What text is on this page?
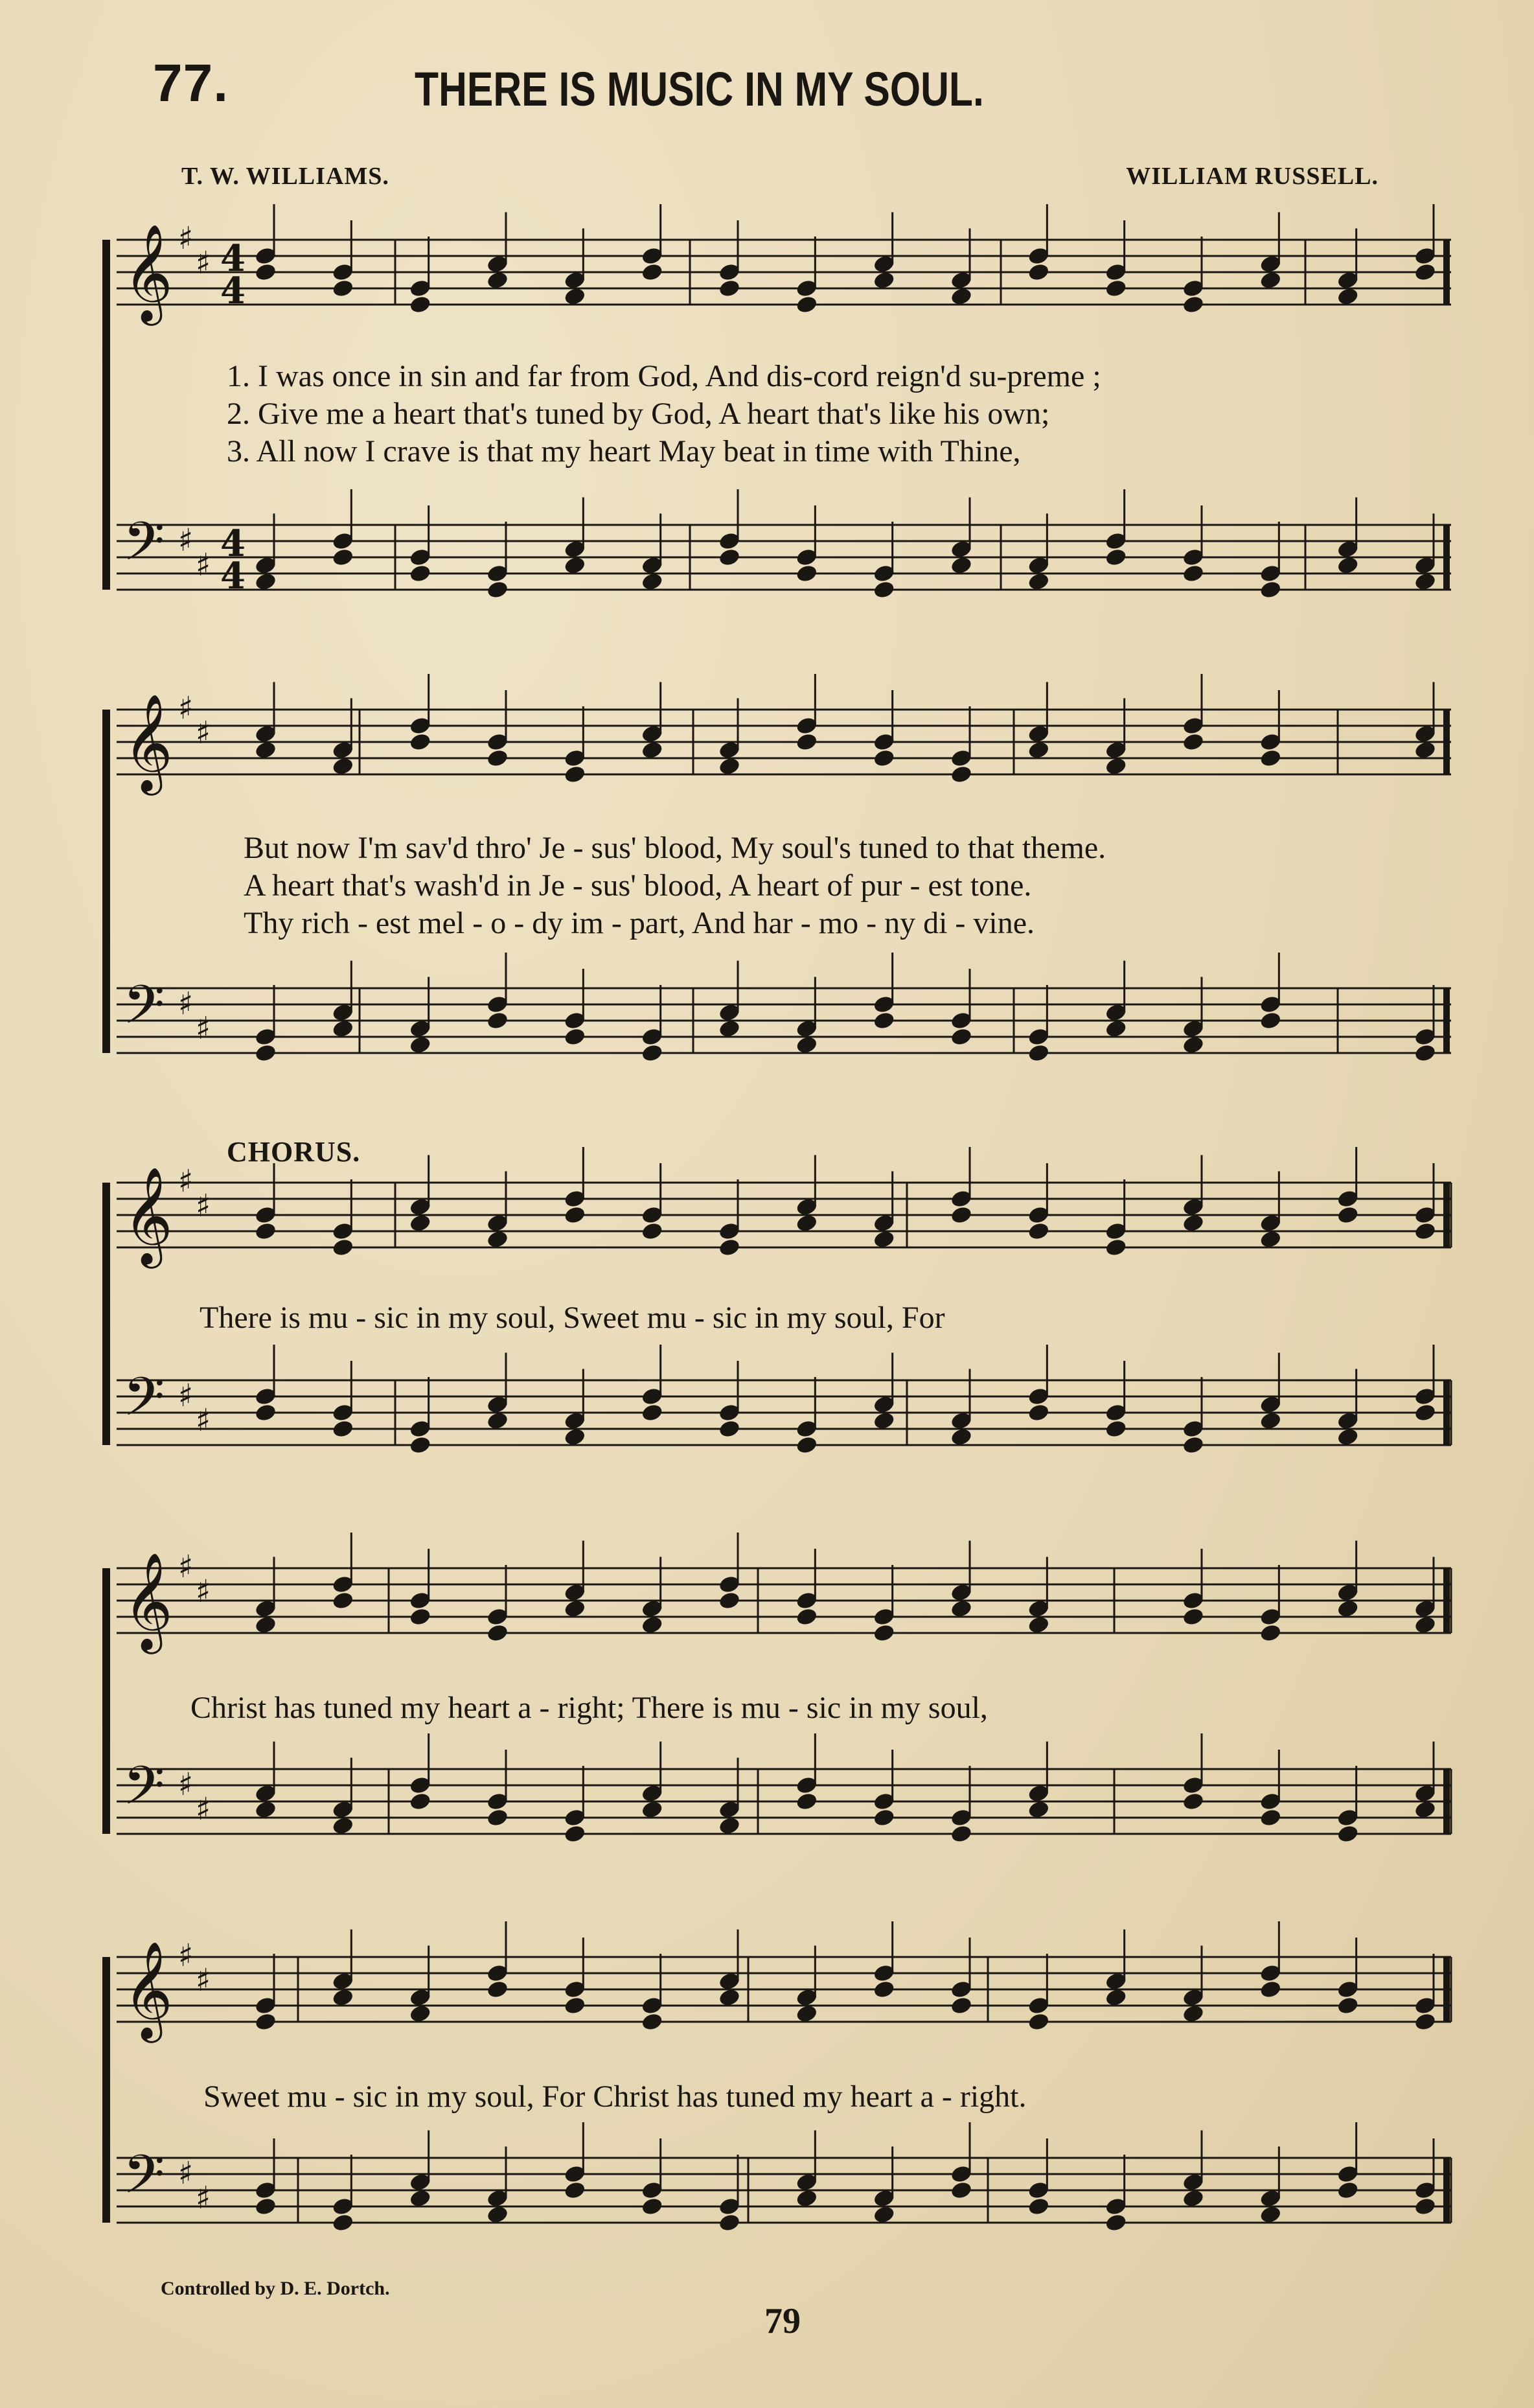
77.	THERE IS MUSIC IN MY SOUL.
T. W. WILLIAMS.	WILLIAM RUSSELL.
𝄞 ♯
♯ 4
4
𝄢 ♯
♯ 4
4
𝄞 ♯
♯
𝄢 ♯
♯
𝄞 ♯
♯
𝄢 ♯
♯
𝄞 ♯
♯
𝄢 ♯
♯
𝄞 ♯
♯
𝄢 ♯
♯
1. I was once in sin and far from God, And dis-cord reign'd su-preme ;
2. Give me a heart that's tuned by God, A heart that's like his own;
3. All now I crave is that my heart May beat in time with Thine,
But now I'm sav'd thro' Je - sus' blood, My soul's tuned to that theme.
A heart that's wash'd in Je - sus' blood, A heart of pur - est tone.
Thy rich - est mel - o - dy im - part, And har - mo - ny di - vine.
CHORUS.
There is mu - sic in my soul, Sweet mu - sic in my soul, For
Christ has tuned my heart a - right; There is mu - sic in my soul,
Sweet mu - sic in my soul, For Christ has tuned my heart a - right.
Controlled by D. E. Dortch.
79
